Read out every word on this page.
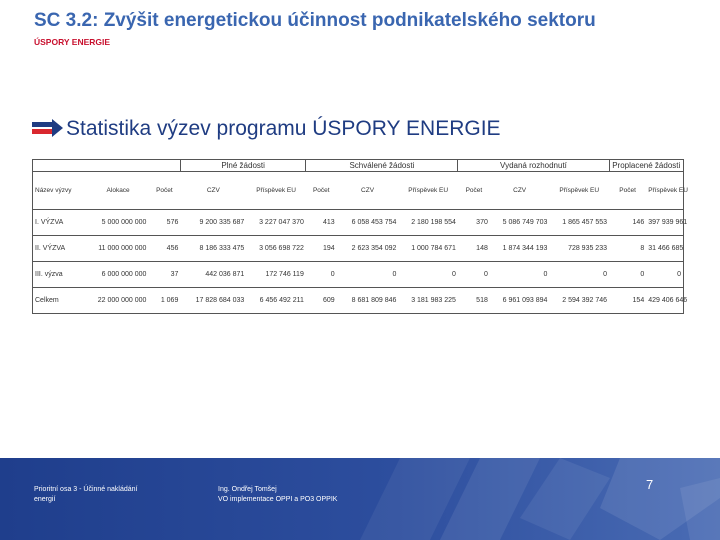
SC 3.2: Zvýšit energetickou účinnost podnikatelského sektoru
ÚSPORY ENERGIE
Statistika výzev programu ÚSPORY ENERGIE
			Plné žádosti		Schválené žádosti			Vydaná rozhodnutí			Proplacené žádosti	
Název výzvy	Alokace	Počet	CZV	Příspěvek EU	Počet	CZV	Příspěvek EU	Počet	CZV	Příspěvek EU	Počet	Příspěvek EU
I. VÝZVA	5 000 000 000	576	9 200 335 687	3 227 047 370	413	6 058 453 754	2 180 198 554	370	5 086 749 703	1 865 457 553	146	397 939 961
II. VÝZVA	11 000 000 000	456	8 186 333 475	3 056 698 722	194	2 623 354 092	1 000 784 671	148	1 874 344 193	728 935 233	8	31 466 685
III. výzva	6 000 000 000	37	442 036 871	172 746 119	0	0	0	0	0	0	0	0
Celkem	22 000 000 000	1 069	17 828 684 033	6 456 492 211	609	8 681 809 846	3 181 983 225	518	6 961 093 894	2 594 392 746	154	429 406 646
Prioritní osa 3 - Účinné nakládání
energií
Ing. Ondřej Tomšej
VO implementace OPPI a PO3 OPPIK
7
